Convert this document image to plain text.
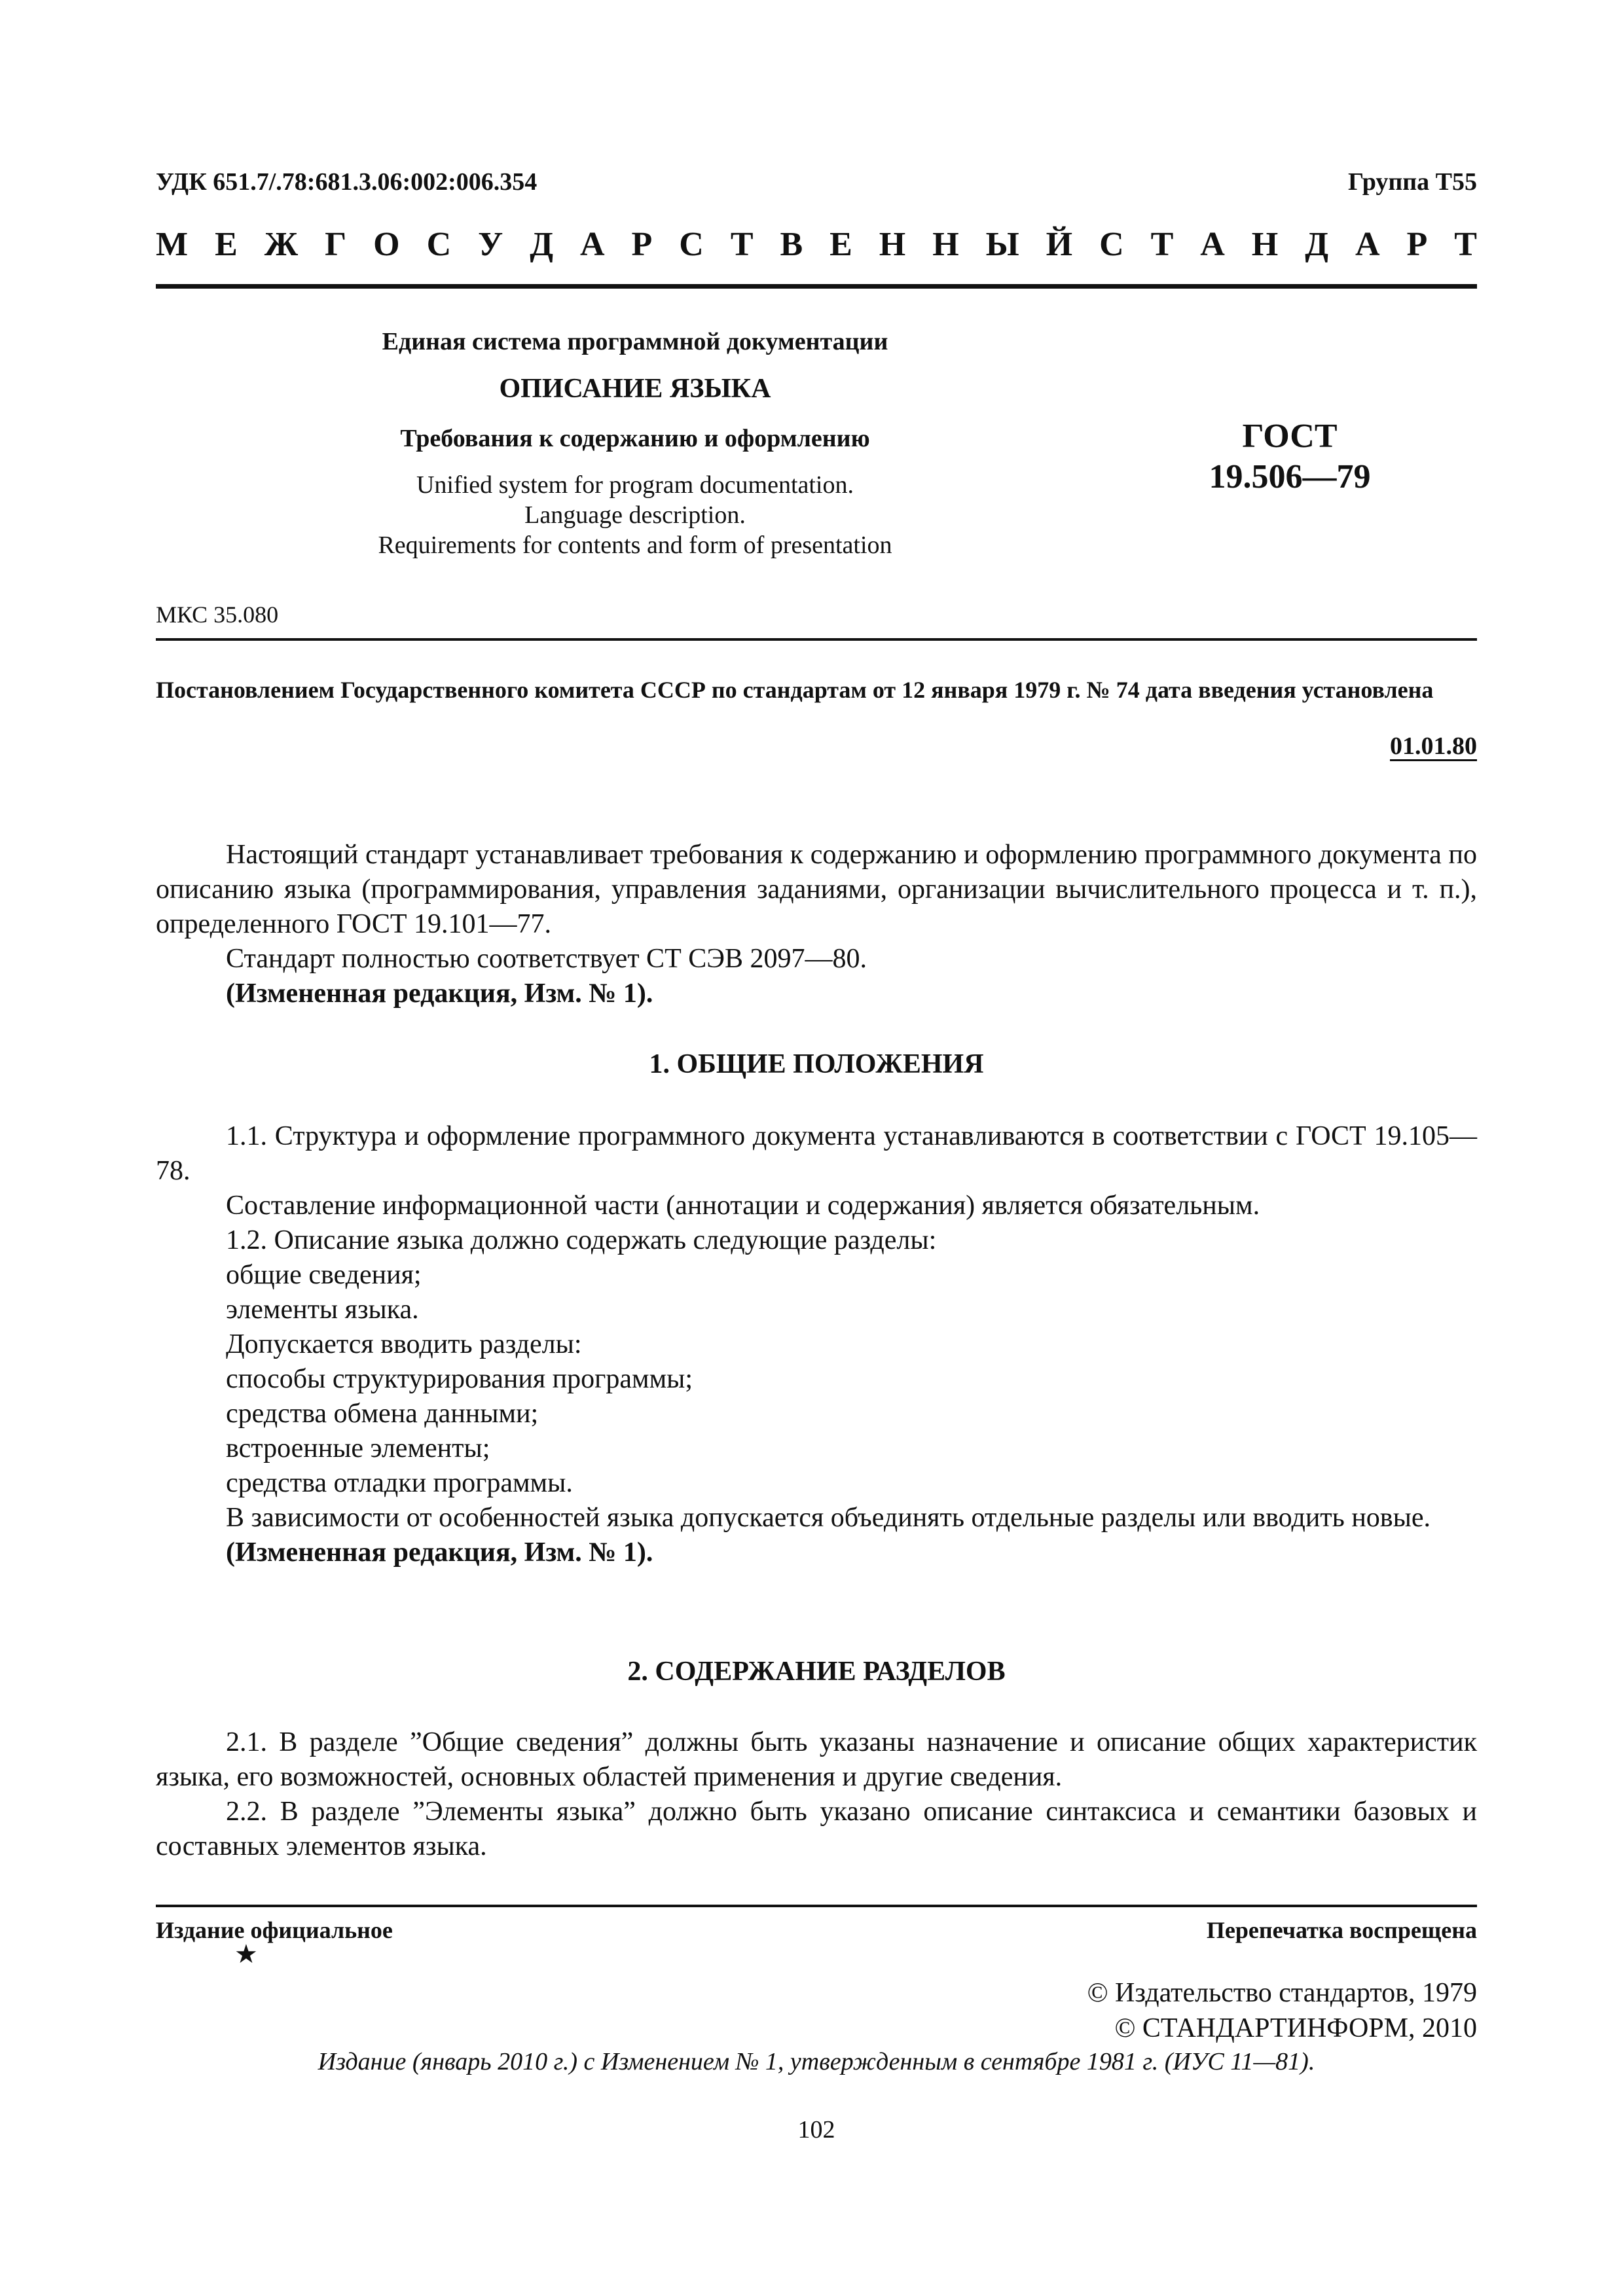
УДК 651.7/.78:681.3.06:002:006.354	Группа Т55
М Е Ж Г О С У Д А Р С Т В Е Н Н Ы Й С Т А Н Д А Р Т
Единая система программной документации
ОПИСАНИЕ ЯЗЫКА
Требования к содержанию и оформлению
Unified system for program documentation.
Language description.
Requirements for contents and form of presentation
ГОСТ
19.506—79
МКС 35.080
Постановлением Государственного комитета СССР по стандартам от 12 января 1979 г. № 74 дата введения установлена
01.01.80

Настоящий стандарт устанавливает требования к содержанию и оформлению программного документа по описанию языка (программирования, управления заданиями, организации вычислительного процесса и т. п.), определенного ГОСТ 19.101—77.

Стандарт полностью соответствует СТ СЭВ 2097—80.

(Измененная редакция, Изм. № 1).

1. ОБЩИЕ ПОЛОЖЕНИЯ

1.1. Структура и оформление программного документа устанавливаются в соответствии с ГОСТ 19.105—78.

Составление информационной части (аннотации и содержания) является обязательным.

1.2. Описание языка должно содержать следующие разделы:

общие сведения;

элементы языка.

Допускается вводить разделы:

способы структурирования программы;

средства обмена данными;

встроенные элементы;

средства отладки программы.

В зависимости от особенностей языка допускается объединять отдельные разделы или вводить новые.

(Измененная редакция, Изм. № 1).

2. СОДЕРЖАНИЕ РАЗДЕЛОВ

2.1. В разделе ”Общие сведения” должны быть указаны назначение и описание общих характеристик языка, его возможностей, основных областей применения и другие сведения.

2.2. В разделе ”Элементы языка” должно быть указано описание синтаксиса и семантики базовых и составных элементов языка.

Издание официальное	Перепечатка воспрещена
★
© Издательство стандартов, 1979
© СТАНДАРТИНФОРМ, 2010
Издание (январь 2010 г.) с Изменением № 1, утвержденным в сентябре 1981 г. (ИУС 11—81).
102
